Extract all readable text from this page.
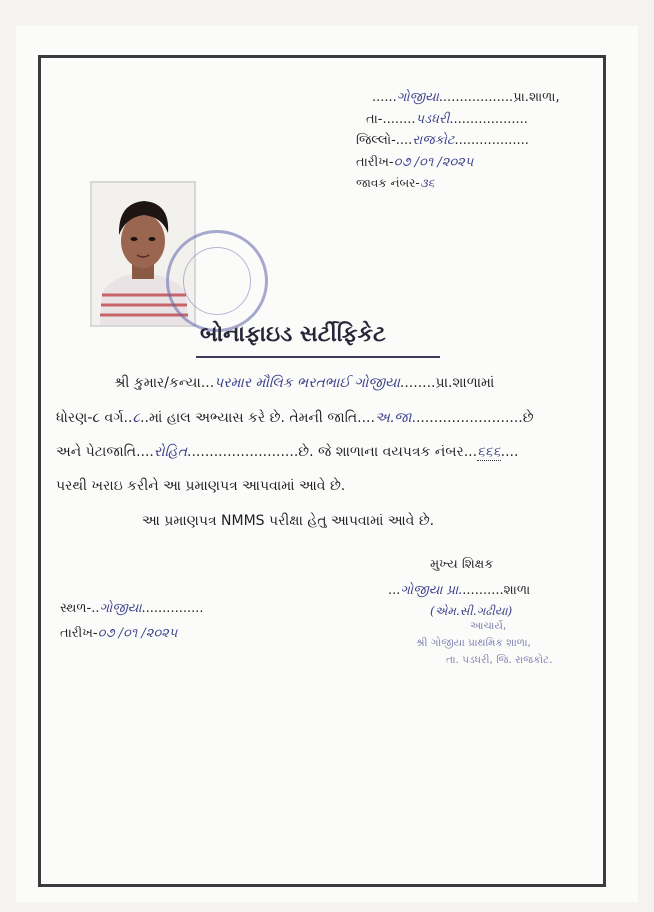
......ગોજીયા..................પ્રા.શાળા,
તા-........પડધરી...................
જિલ્લો-....રાજકોટ..................
તારીખ-૦૭ /૦૧ /૨૦૨૫
જાવક નંબર-૩૬
બોનાફાઇડ સર્ટીફિકેટ
શ્રી કુમાર/કન્યા...પરમાર મૌલિક ભરતભાઈ ગોજીયા........પ્રા.શાળામાં
ધોરણ-૮ વર્ગ..૮..માં હાલ અભ્યાસ કરે છે. તેમની જાતિ....અ.જા.........................છે
અને પેટાજાતિ....રોહિત.........................છે. જે શાળાના વયપત્રક નંબર...૬૬૬....
પરથી ખરાઇ કરીને આ પ્રમાણપત્ર આપવામાં આવે છે.
આ પ્રમાણપત્ર NMMS પરીક્ષા હેતુ આપવામાં આવે છે.
મુખ્ય શિક્ષક
...ગોજીયા પ્રા...........શાળા
(એમ.સી.ગઢીયા)
આચાર્ય,
શ્રી ગોજીયા પ્રાથમિક શાળા,
તા. પડધરી, જિ. રાજકોટ.
સ્થળ-..ગોજીયા...............
તારીખ-૦૭ /૦૧ /૨૦૨૫
